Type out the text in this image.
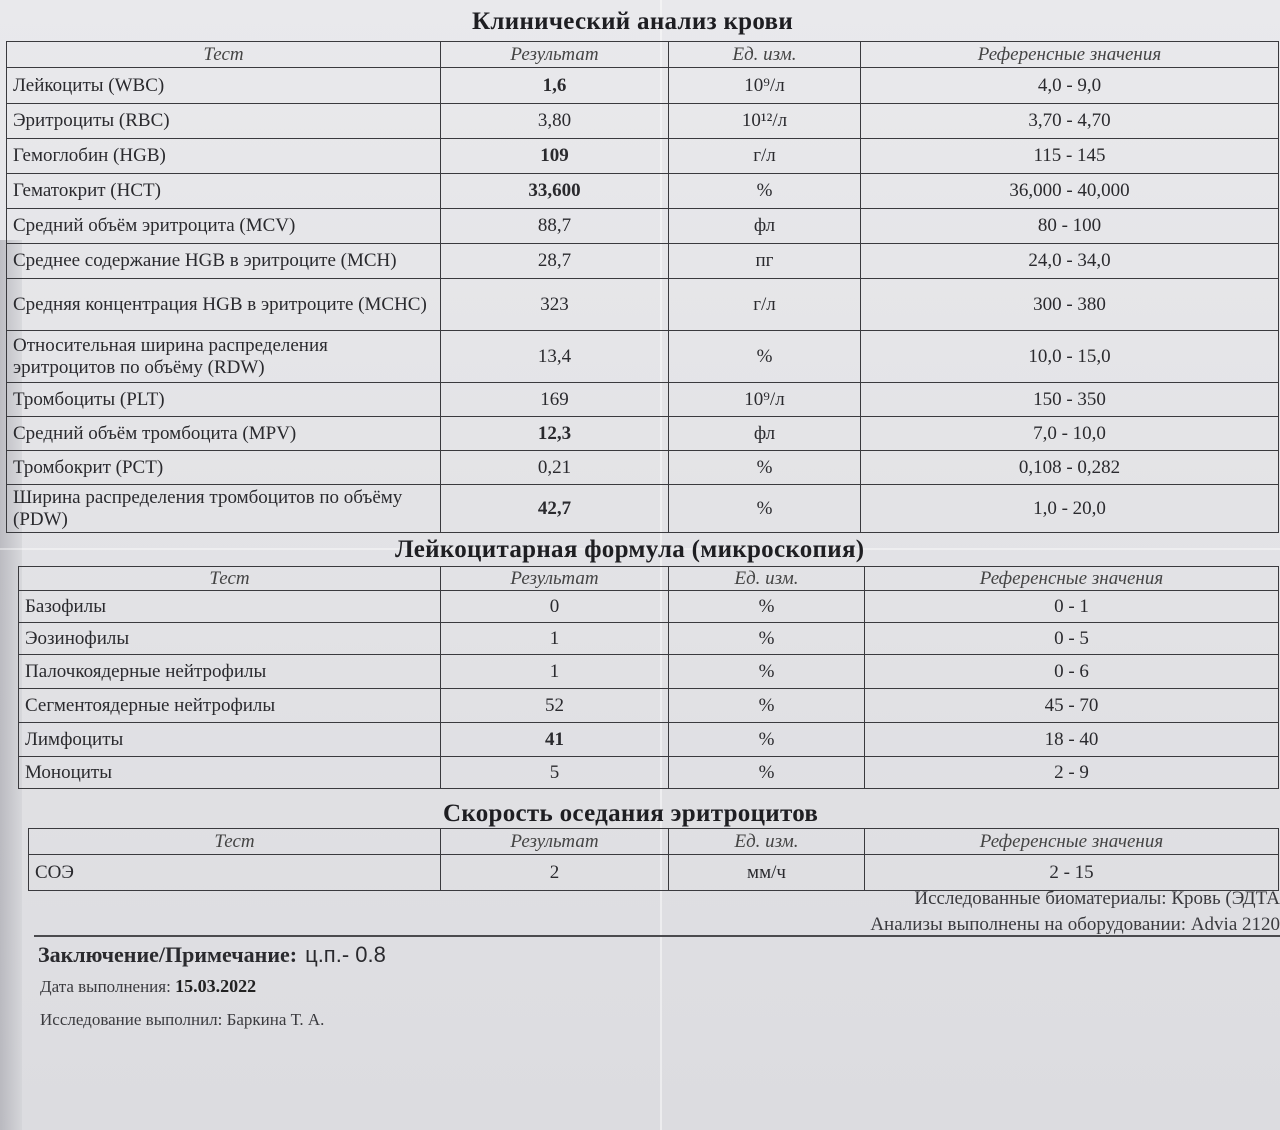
Клинический анализ крови
Тест	Результат	Ед. изм.	Референсные значения
Лейкоциты (WBC)	1,6	10⁹/л	4,0 - 9,0
Эритроциты (RBC)	3,80	10¹²/л	3,70 - 4,70
Гемоглобин (HGB)	109	г/л	115 - 145
Гематокрит (HCT)	33,600	%	36,000 - 40,000
Средний объём эритроцита (MCV)	88,7	фл	80 - 100
Среднее содержание HGB в эритроците (MCH)	28,7	пг	24,0 - 34,0
Средняя концентрация HGB в эритроците (MCHC)	323	г/л	300 - 380
Относительная ширина распределения эритроцитов по объёму (RDW)	13,4	%	10,0 - 15,0
Тромбоциты (PLT)	169	10⁹/л	150 - 350
Средний объём тромбоцита (MPV)	12,3	фл	7,0 - 10,0
Тромбокрит (PCT)	0,21	%	0,108 - 0,282
Ширина распределения тромбоцитов по объёму (PDW)	42,7	%	1,0 - 20,0
Лейкоцитарная формула (микроскопия)
Тест	Результат	Ед. изм.	Референсные значения
Базофилы	0	%	0 - 1
Эозинофилы	1	%	0 - 5
Палочкоядерные нейтрофилы	1	%	0 - 6
Сегментоядерные нейтрофилы	52	%	45 - 70
Лимфоциты	41	%	18 - 40
Моноциты	5	%	2 - 9
Скорость оседания эритроцитов
Тест	Результат	Ед. изм.	Референсные значения
СОЭ	2	мм/ч	2 - 15
Исследованные биоматериалы: Кровь (ЭДТА
Анализы выполнены на оборудовании: Advia 2120
Заключение/Примечание: ц.п.- 0.8
Дата выполнения: 15.03.2022
Исследование выполнил: Баркина Т. А.
